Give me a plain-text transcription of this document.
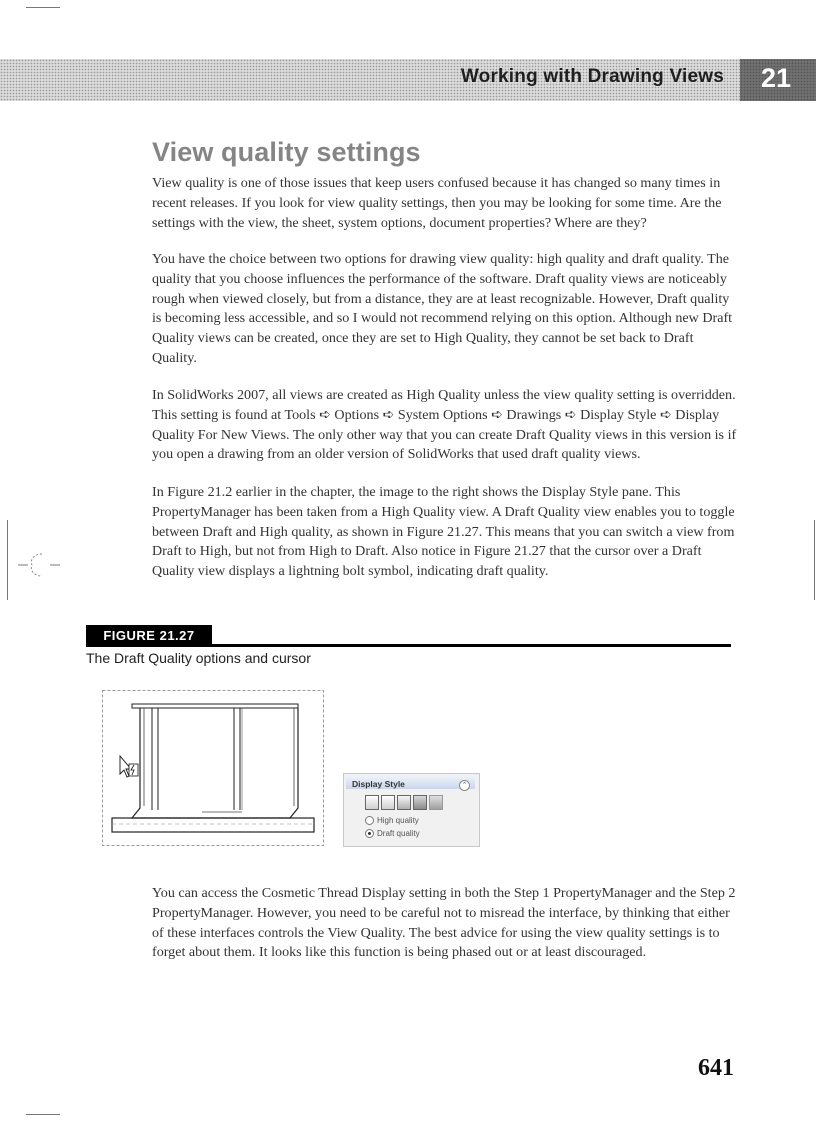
Working with Drawing Views 21
View quality settings

View quality is one of those issues that keep users confused because it has changed so many times in recent releases. If you look for view quality settings, then you may be looking for some time. Are the settings with the view, the sheet, system options, document properties? Where are they?

You have the choice between two options for drawing view quality: high quality and draft quality. The quality that you choose influences the performance of the software. Draft quality views are noticeably rough when viewed closely, but from a distance, they are at least recognizable. However, Draft quality is becoming less accessible, and so I would not recommend relying on this option. Although new Draft Quality views can be created, once they are set to High Quality, they cannot be set back to Draft Quality.

In SolidWorks 2007, all views are created as High Quality unless the view quality setting is overridden. This setting is found at Tools ➪ Options ➪ System Options ➪ Drawings ➪ Display Style ➪ Display Quality For New Views. The only other way that you can create Draft Quality views in this version is if you open a drawing from an older version of SolidWorks that used draft quality views.

In Figure 21.2 earlier in the chapter, the image to the right shows the Display Style pane. This PropertyManager has been taken from a High Quality view. A Draft Quality view enables you to toggle between Draft and High quality, as shown in Figure 21.27. This means that you can switch a view from Draft to High, but not from High to Draft. Also notice in Figure 21.27 that the cursor over a Draft Quality view displays a lightning bolt symbol, indicating draft quality.

FIGURE 21.27
The Draft Quality options and cursor
Display Style	⌃
High quality
Draft quality

You can access the Cosmetic Thread Display setting in both the Step 1 PropertyManager and the Step 2 PropertyManager. However, you need to be careful not to misread the interface, by thinking that either of these interfaces controls the View Quality. The best advice for using the view quality settings is to forget about them. It looks like this function is being phased out or at least discouraged.

641
